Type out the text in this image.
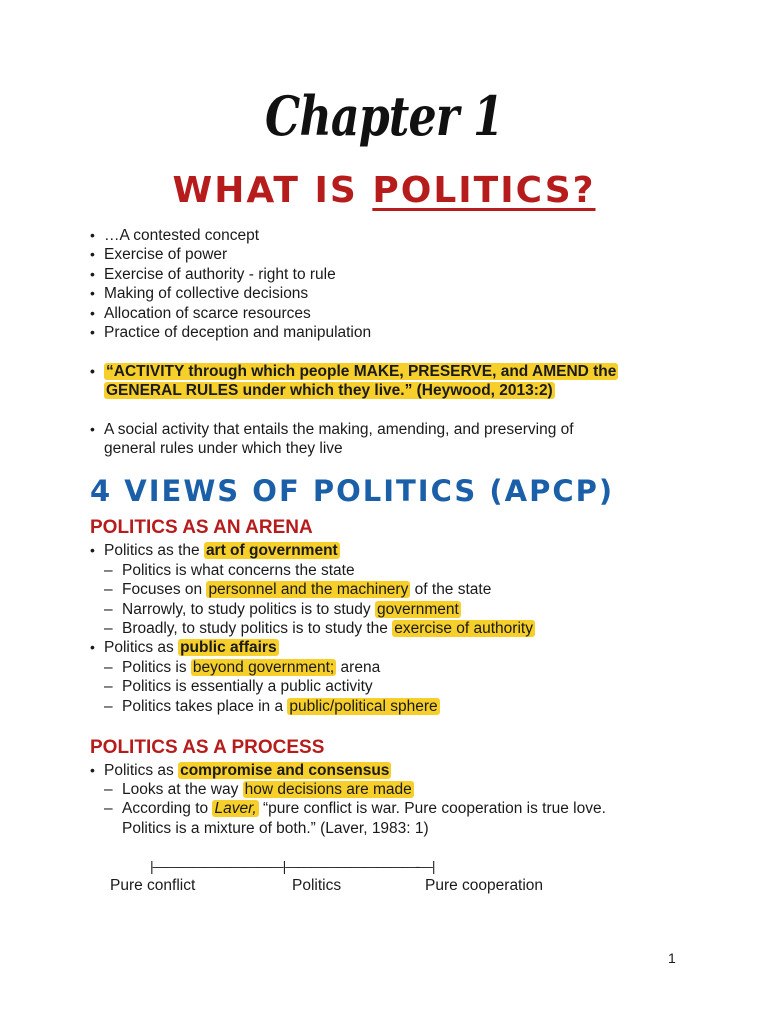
Chapter 1
WHAT IS POLITICS?
• …A contested concept
• Exercise of power
• Exercise of authority - right to rule
• Making of collective decisions
• Allocation of scarce resources
• Practice of deception and manipulation
• “ACTIVITY through which people MAKE, PRESERVE, and AMEND the
GENERAL RULES under which they live.” (Heywood, 2013:2)
• A social activity that entails the making, amending, and preserving of
general rules under which they live
4 VIEWS OF POLITICS (APCP)
POLITICS AS AN ARENA
• Politics as the art of government
– Politics is what concerns the state
– Focuses on personnel and the machinery of the state
– Narrowly, to study politics is to study government
– Broadly, to study politics is to study the exercise of authority
• Politics as public affairs
– Politics is beyond government; arena
– Politics is essentially a public activity
– Politics takes place in a public/political sphere
POLITICS AS A PROCESS
• Politics as compromise and consensus
– Looks at the way how decisions are made
– According to Laver, “pure conflict is war. Pure cooperation is true love.
Politics is a mixture of both.” (Laver, 1983: 1)
|——————————|——————————-—|
Pure conflict	Politics	Pure cooperation
1
